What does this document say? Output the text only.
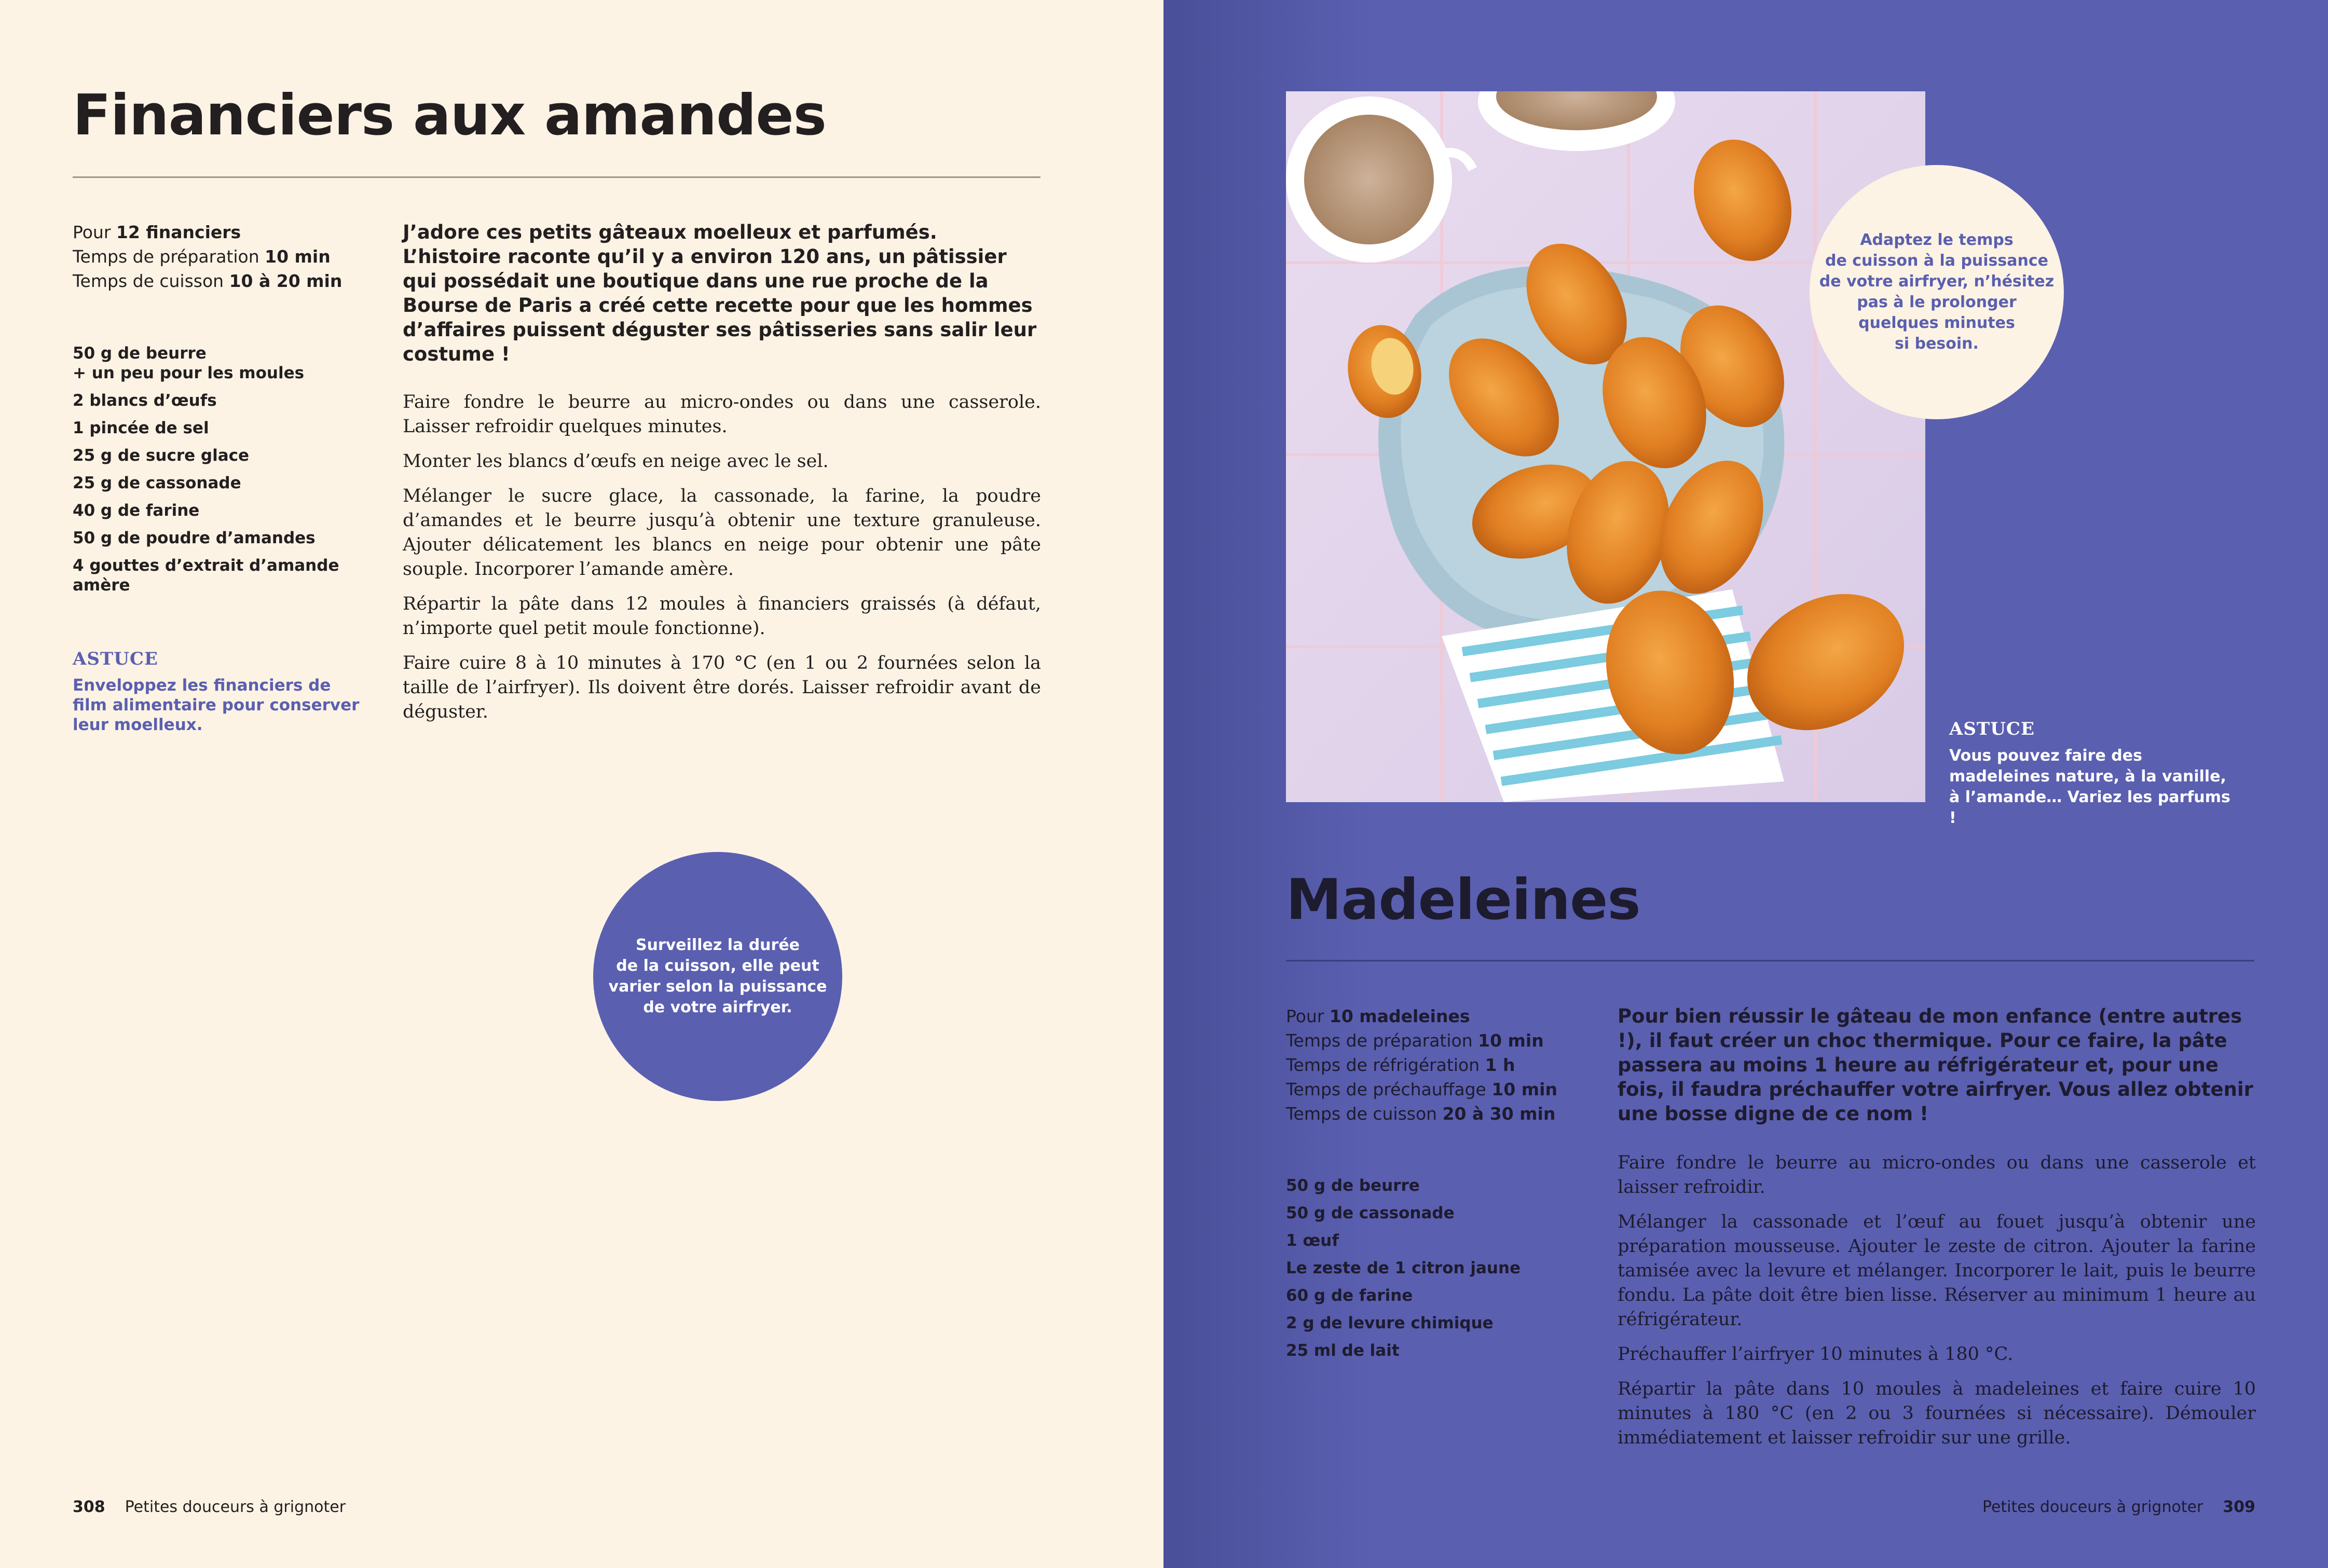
Financiers aux amandes
Pour 12 financiers
Temps de préparation 10 min
Temps de cuisson 10 à 20 min
50 g de beurre
+ un peu pour les moules
2 blancs d’œufs
1 pincée de sel
25 g de sucre glace
25 g de cassonade
40 g de farine
50 g de poudre d’amandes
4 gouttes d’extrait d’amande amère
ASTUCE
Enveloppez les financiers de film alimentaire pour conserver leur moelleux.
J’adore ces petits gâteaux moelleux et parfumés. L’histoire raconte qu’il y a environ 120 ans, un pâtissier qui possédait une boutique dans une rue proche de la Bourse de Paris a créé cette recette pour que les hommes d’affaires puissent déguster ses pâtisseries sans salir leur costume !

Faire fondre le beurre au micro-ondes ou dans une casserole. Laisser refroidir quelques minutes.

Monter les blancs d’œufs en neige avec le sel.

Mélanger le sucre glace, la cassonade, la farine, la poudre d’amandes et le beurre jusqu’à obtenir une texture granuleuse. Ajouter délicatement les blancs en neige pour obtenir une pâte souple. Incorporer l’amande amère.

Répartir la pâte dans 12 moules à financiers graissés (à défaut, n’importe quel petit moule fonctionne).

Faire cuire 8 à 10 minutes à 170 °C (en 1 ou 2 fournées selon la taille de l’airfryer). Ils doivent être dorés. Laisser refroidir avant de déguster.

Surveillez la durée
de la cuisson, elle peut
varier selon la puissance
de votre airfryer.
308 Petites douceurs à grignoter
Adaptez le temps
de cuisson à la puissance
de votre airfryer, n’hésitez
pas à le prolonger
quelques minutes
si besoin.
ASTUCE
Vous pouvez faire des madeleines nature, à la vanille, à l’amande… Variez les parfums !
Madeleines
Pour 10 madeleines
Temps de préparation 10 min
Temps de réfrigération 1 h
Temps de préchauffage 10 min
Temps de cuisson 20 à 30 min
50 g de beurre
50 g de cassonade
1 œuf
Le zeste de 1 citron jaune
60 g de farine
2 g de levure chimique
25 ml de lait
Pour bien réussir le gâteau de mon enfance (entre autres !), il faut créer un choc thermique. Pour ce faire, la pâte passera au moins 1 heure au réfrigérateur et, pour une fois, il faudra préchauffer votre airfryer. Vous allez obtenir une bosse digne de ce nom !

Faire fondre le beurre au micro-ondes ou dans une casserole et laisser refroidir.

Mélanger la cassonade et l’œuf au fouet jusqu’à obtenir une préparation mousseuse. Ajouter le zeste de citron. Ajouter la farine tamisée avec la levure et mélanger. Incorporer le lait, puis le beurre fondu. La pâte doit être bien lisse. Réserver au minimum 1 heure au réfrigérateur.

Préchauffer l’airfryer 10 minutes à 180 °C.

Répartir la pâte dans 10 moules à madeleines et faire cuire 10 minutes à 180 °C (en 2 ou 3 fournées si nécessaire). Démouler immédiatement et laisser refroidir sur une grille.

Petites douceurs à grignoter 309
